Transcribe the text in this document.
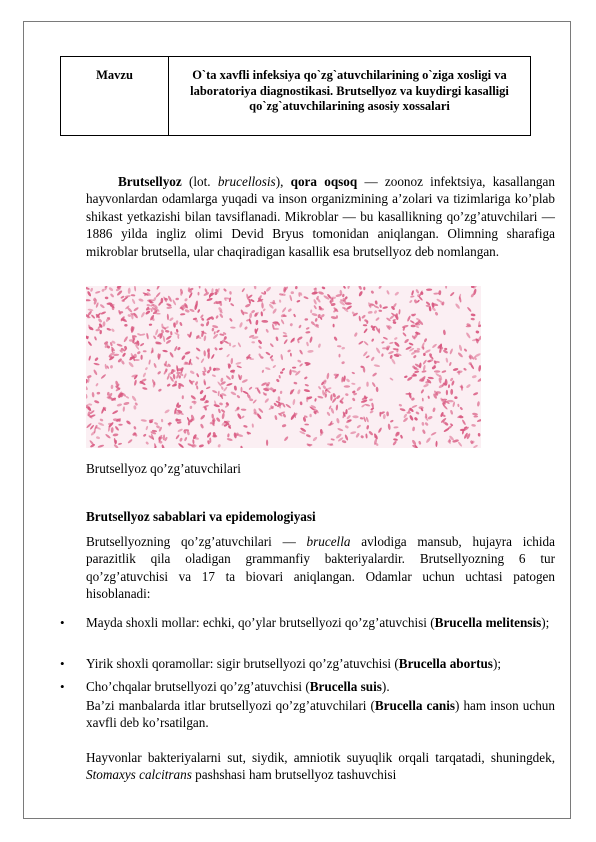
Mavzu	O`ta xavfli infeksiya qo`zg`atuvchilarining o`ziga xosligi va laboratoriya diagnostikasi. Brutsellyoz va kuydirgi kasalligi qo`zg`atuvchilarining asosiy xossalari

Brutsellyoz (lot. brucellosis), qora oqsoq — zoonoz infektsiya, kasallangan hayvonlardan odamlarga yuqadi va inson organizmining a’zolari va tizimlariga ko’plab shikast yetkazishi bilan tavsiflanadi. Mikroblar — bu kasallikning qo’zg’atuvchilari — 1886 yilda ingliz olimi Devid Bryus tomonidan aniqlangan. Olimning sharafiga mikroblar brutsella, ular chaqiradigan kasallik esa brutsellyoz deb nomlangan.

Brutsellyoz qo’zg’atuvchilari
Brutsellyoz sabablari va epidemologiyasi

Brutsellyozning qo’zg’atuvchilari — brucella avlodiga mansub, hujayra ichida parazitlik qila oladigan grammanfiy bakteriyalardir. Brutsellyozning 6 tur qo’zg’atuvchisi va 17 ta biovari aniqlangan. Odamlar uchun uchtasi patogen hisoblanadi:

• Mayda shoxli mollar: echki, qo’ylar brutsellyozi qo’zg’atuvchisi (Brucella melitensis);
• Yirik shoxli qoramollar: sigir brutsellyozi qo’zg’atuvchisi (Brucella abortus);
• Cho’chqalar brutsellyozi qo’zg’atuvchisi (Brucella suis).

Ba’zi manbalarda itlar brutsellyozi qo’zg’atuvchilari (Brucella canis) ham inson uchun xavfli deb ko’rsatilgan.

Hayvonlar bakteriyalarni sut, siydik, amniotik suyuqlik orqali tarqatadi, shuningdek, Stomaxys calcitrans pashshasi ham brutsellyoz tashuvchisi
